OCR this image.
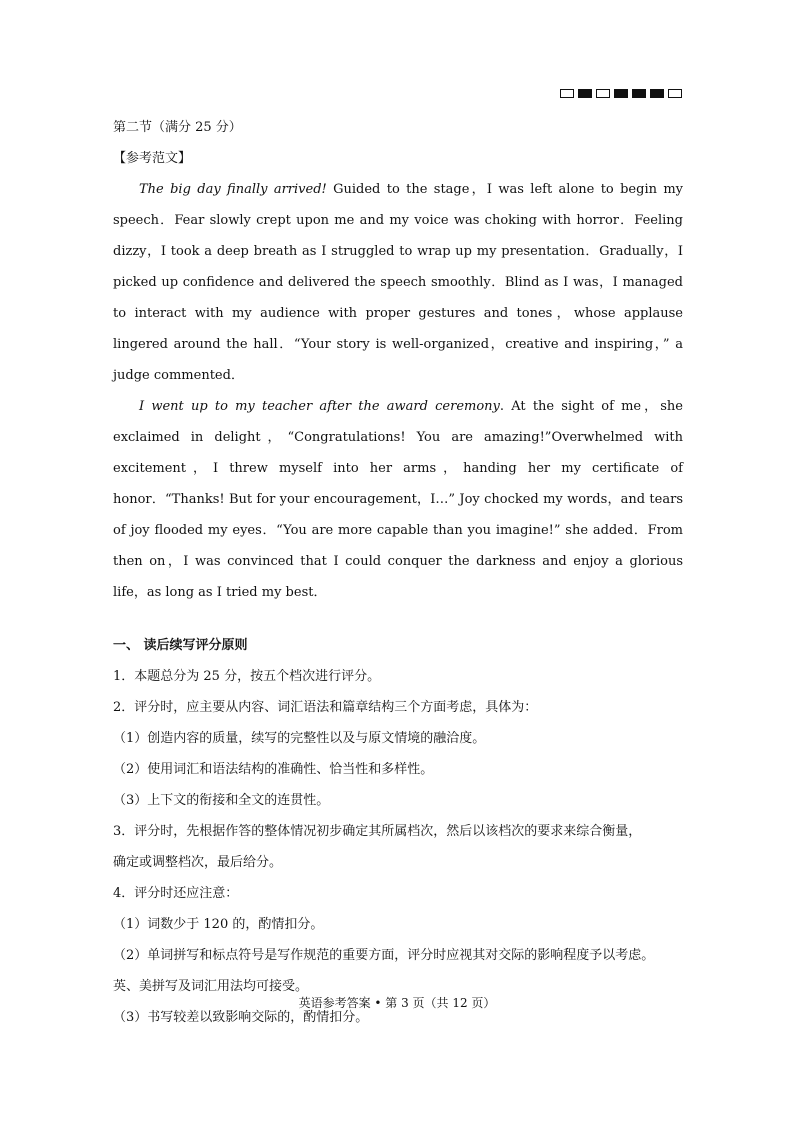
第二节（满分 25 分）
【参考范文】

The big day finally arrived! Guided to the stage，I was left alone to begin my speech．Fear slowly crept upon me and my voice was choking with horror．Feeling dizzy，I took a deep breath as I struggled to wrap up my presentation．Gradually，I picked up confidence and delivered the speech smoothly．Blind as I was，I managed to interact with my audience with proper gestures and tones，whose applause lingered around the hall．“Your story is well-organized，creative and inspiring，” a judge commented．

I went up to my teacher after the award ceremony. At the sight of me，she exclaimed in delight，“Congratulations! You are amazing!”Overwhelmed with excitement，I threw myself into her arms，handing her my certificate of honor．“Thanks! But for your encouragement，I…” Joy chocked my words，and tears of joy flooded my eyes．“You are more capable than you imagine!” she added．From then on，I was convinced that I could conquer the darkness and enjoy a glorious life，as long as I tried my best．

一、 读后续写评分原则
1．本题总分为 25 分，按五个档次进行评分。
2．评分时，应主要从内容、词汇语法和篇章结构三个方面考虑，具体为：
（1）创造内容的质量，续写的完整性以及与原文情境的融洽度。
（2）使用词汇和语法结构的准确性、恰当性和多样性。
（3）上下文的衔接和全文的连贯性。
3．评分时，先根据作答的整体情况初步确定其所属档次，然后以该档次的要求来综合衡量，
确定或调整档次，最后给分。
4．评分时还应注意：
（1）词数少于 120 的，酌情扣分。
（2）单词拼写和标点符号是写作规范的重要方面，评分时应视其对交际的影响程度予以考虑。
英、美拼写及词汇用法均可接受。
（3）书写较差以致影响交际的，酌情扣分。
英语参考答案 • 第 3 页（共 12 页）
